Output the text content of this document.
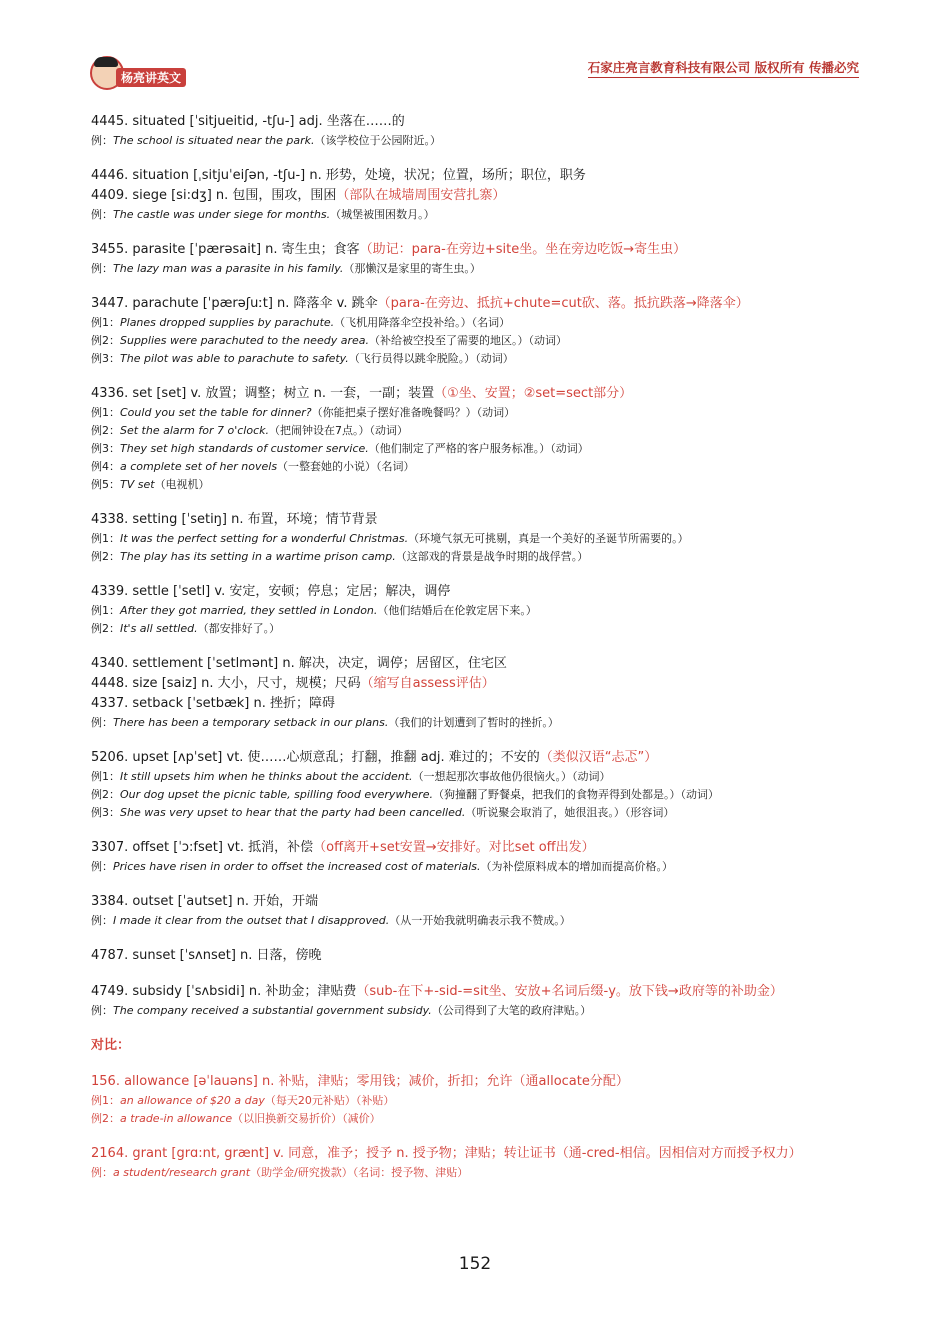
杨亮讲英文
石家庄亮言教育科技有限公司 版权所有 传播必究
4445. situated [ˈsitjueitid, -tʃu-] adj. 坐落在……的
例：The school is situated near the park.（该学校位于公园附近。）
4446. situation [ˌsitjuˈeiʃən, -tʃu-] n. 形势，处境，状况；位置，场所；职位，职务
4409. siege [si:dʒ] n. 包围，围攻，围困（部队在城墙周围安营扎寨）
例：The castle was under siege for months.（城堡被围困数月。）
3455. parasite [ˈpærəsait] n. 寄生虫；食客（助记：para-在旁边+site坐。坐在旁边吃饭→寄生虫）
例：The lazy man was a parasite in his family.（那懒汉是家里的寄生虫。）
3447. parachute [ˈpærəʃuːt] n. 降落伞 v. 跳伞（para-在旁边、抵抗+chute=cut砍、落。抵抗跌落→降落伞）
例1：Planes dropped supplies by parachute.（飞机用降落伞空投补给。）（名词）
例2：Supplies were parachuted to the needy area.（补给被空投至了需要的地区。）（动词）
例3：The pilot was able to parachute to safety.（飞行员得以跳伞脱险。）（动词）
4336. set [set] v. 放置；调整；树立 n. 一套，一副；装置（①坐、安置；②set=sect部分）
例1：Could you set the table for dinner?（你能把桌子摆好准备晚餐吗？）（动词）
例2：Set the alarm for 7 o'clock.（把闹钟设在7点。）（动词）
例3：They set high standards of customer service.（他们制定了严格的客户服务标准。）（动词）
例4：a complete set of her novels（一整套她的小说）（名词）
例5：TV set（电视机）
4338. setting [ˈsetiŋ] n. 布置，环境；情节背景
例1：It was the perfect setting for a wonderful Christmas.（环境气氛无可挑剔，真是一个美好的圣诞节所需要的。）
例2：The play has its setting in a wartime prison camp.（这部戏的背景是战争时期的战俘营。）
4339. settle [ˈsetl] v. 安定，安顿；停息；定居；解决，调停
例1：After they got married, they settled in London.（他们结婚后在伦敦定居下来。）
例2：It's all settled.（都安排好了。）
4340. settlement [ˈsetlmənt] n. 解决，决定，调停；居留区，住宅区
4448. size [saiz] n. 大小，尺寸，规模；尺码（缩写自assess评估）
4337. setback [ˈsetbæk] n. 挫折；障碍
例：There has been a temporary setback in our plans.（我们的计划遭到了暂时的挫折。）
5206. upset [ʌpˈset] vt. 使……心烦意乱；打翻，推翻 adj. 难过的；不安的（类似汉语“忐忑”）
例1：It still upsets him when he thinks about the accident.（一想起那次事故他仍很恼火。）（动词）
例2：Our dog upset the picnic table, spilling food everywhere.（狗撞翻了野餐桌，把我们的食物弄得到处都是。）（动词）
例3：She was very upset to hear that the party had been cancelled.（听说聚会取消了，她很沮丧。）（形容词）
3307. offset [ˈɔ:fset] vt. 抵消，补偿（off离开+set安置→安排好。对比set off出发）
例：Prices have risen in order to offset the increased cost of materials.（为补偿原料成本的增加而提高价格。）
3384. outset [ˈautset] n. 开始，开端
例：I made it clear from the outset that I disapproved.（从一开始我就明确表示我不赞成。）
4787. sunset [ˈsʌnset] n. 日落，傍晚
4749. subsidy [ˈsʌbsidi] n. 补助金；津贴费（sub-在下+-sid-=sit坐、安放+名词后缀-y。放下钱→政府等的补助金）
例：The company received a substantial government subsidy.（公司得到了大笔的政府津贴。）
对比：
156. allowance [əˈlauəns] n. 补贴，津贴；零用钱；减价，折扣；允许（通allocate分配）
例1：an allowance of $20 a day（每天20元补贴）（补贴）
例2：a trade-in allowance（以旧换新交易折价）（减价）
2164. grant [grɑ:nt, grænt] v. 同意，准予；授予 n. 授予物；津贴；转让证书（通-cred-相信。因相信对方而授予权力）
例：a student/research grant（助学金/研究拨款）（名词：授予物、津贴）
152
